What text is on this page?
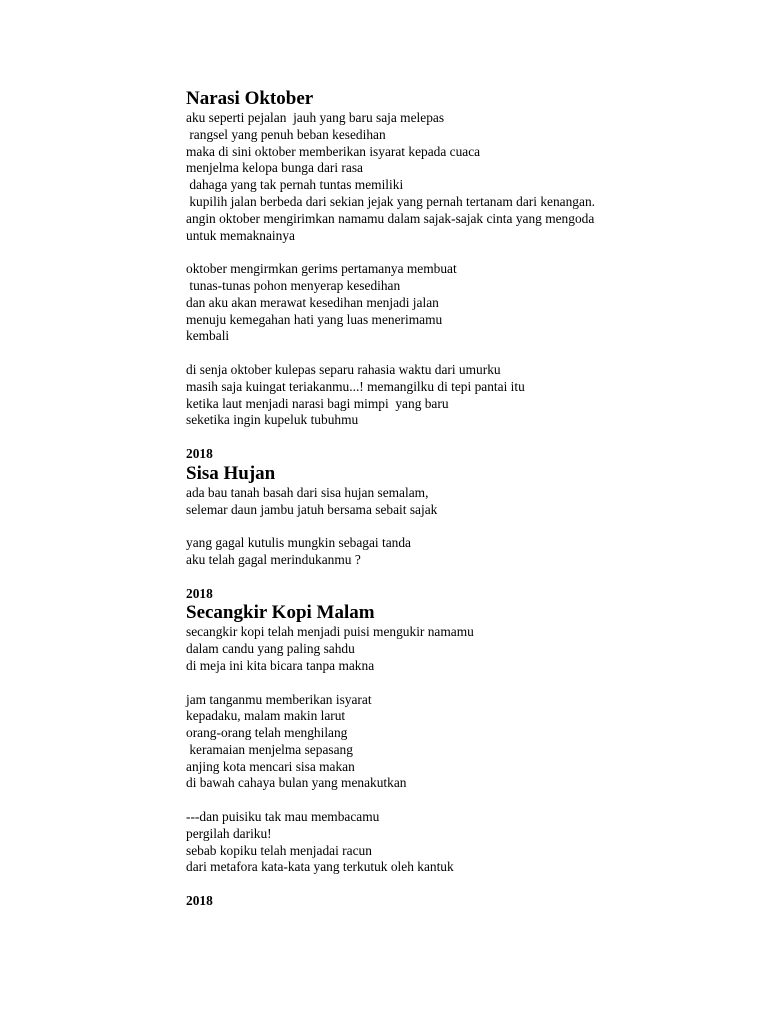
Narasi Oktober
aku seperti pejalan  jauh yang baru saja melepas
rangsel yang penuh beban kesedihan
maka di sini oktober memberikan isyarat kepada cuaca
menjelma kelopa bunga dari rasa
dahaga yang tak pernah tuntas memiliki
kupilih jalan berbeda dari sekian jejak yang pernah tertanam dari kenangan.
angin oktober mengirimkan namamu dalam sajak-sajak cinta yang mengoda
untuk memaknainya
oktober mengirmkan gerims pertamanya membuat
tunas-tunas pohon menyerap kesedihan
dan aku akan merawat kesedihan menjadi jalan
menuju kemegahan hati yang luas menerimamu
kembali
di senja oktober kulepas separu rahasia waktu dari umurku
masih saja kuingat teriakanmu...! memangilku di tepi pantai itu
ketika laut menjadi narasi bagi mimpi  yang baru
seketika ingin kupeluk tubuhmu
2018
Sisa Hujan
ada bau tanah basah dari sisa hujan semalam,
selemar daun jambu jatuh bersama sebait sajak
yang gagal kutulis mungkin sebagai tanda
aku telah gagal merindukanmu ?
2018
Secangkir Kopi Malam
secangkir kopi telah menjadi puisi mengukir namamu
dalam candu yang paling sahdu
di meja ini kita bicara tanpa makna
jam tanganmu memberikan isyarat
kepadaku, malam makin larut
orang-orang telah menghilang
keramaian menjelma sepasang
anjing kota mencari sisa makan
di bawah cahaya bulan yang menakutkan
---dan puisiku tak mau membacamu
pergilah dariku!
sebab kopiku telah menjadai racun
dari metafora kata-kata yang terkutuk oleh kantuk
2018
